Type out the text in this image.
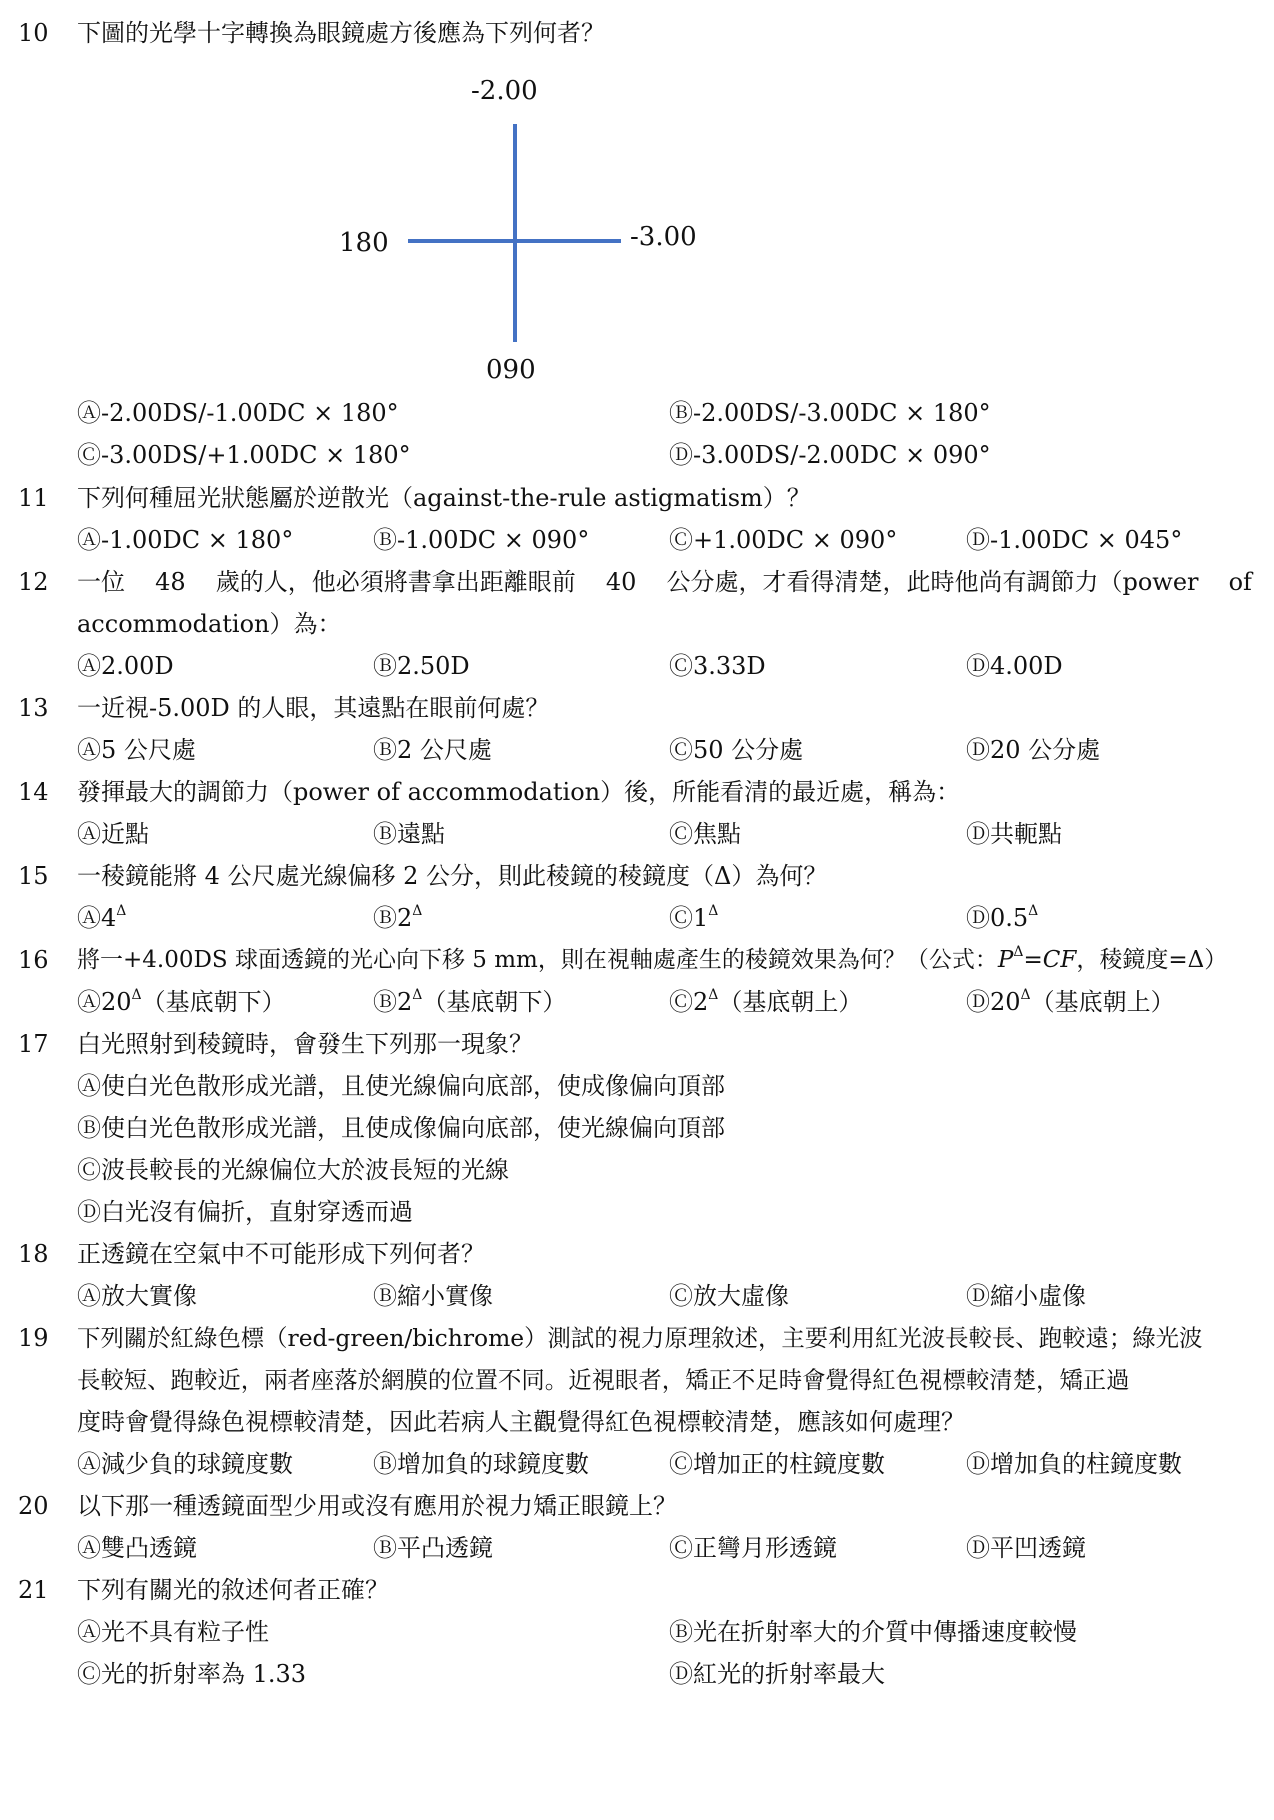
10 下圖的光學十字轉換為眼鏡處方後應為下列何者？
-2.00
180	-3.00
090
Ⓐ-2.00DS/-1.00DC × 180°	Ⓑ-2.00DS/-3.00DC × 180°
Ⓒ-3.00DS/+1.00DC × 180°	Ⓓ-3.00DS/-2.00DC × 090°
11 下列何種屈光狀態屬於逆散光（against-the-rule astigmatism）？
Ⓐ-1.00DC × 180°	Ⓑ-1.00DC × 090°	Ⓒ+1.00DC × 090°	Ⓓ-1.00DC × 045°
12 一位 48 歲的人，他必須將書拿出距離眼前 40 公分處，才看得清楚，此時他尚有調節力（power of
accommodation）為：
Ⓐ2.00D	Ⓑ2.50D	Ⓒ3.33D	Ⓓ4.00D
13 一近視-5.00D 的人眼，其遠點在眼前何處？
Ⓐ5 公尺處	Ⓑ2 公尺處	Ⓒ50 公分處	Ⓓ20 公分處
14 發揮最大的調節力（power of accommodation）後，所能看清的最近處，稱為：
Ⓐ近點	Ⓑ遠點	Ⓒ焦點	Ⓓ共軛點
15 一稜鏡能將 4 公尺處光線偏移 2 公分，則此稜鏡的稜鏡度（Δ）為何？
$Ⓐ4^\Delta$	$Ⓑ2^\Delta$	$Ⓒ1^\Delta$	$Ⓓ0.5^\Delta$
16 將一+4.00DS 球面透鏡的光心向下移 5 mm，則在視軸處產生的稜鏡效果為何？（公式：$P^\Delta=CF$，稜鏡度=Δ）
$Ⓐ20^\Delta$（基底朝下）	$Ⓑ2^\Delta$（基底朝下）	$Ⓒ2^\Delta$（基底朝上）	$Ⓓ20^\Delta$（基底朝上）
17 白光照射到稜鏡時，會發生下列那一現象？
Ⓐ使白光色散形成光譜，且使光線偏向底部，使成像偏向頂部
Ⓑ使白光色散形成光譜，且使成像偏向底部，使光線偏向頂部
Ⓒ波長較長的光線偏位大於波長短的光線
Ⓓ白光沒有偏折，直射穿透而過
18 正透鏡在空氣中不可能形成下列何者？
Ⓐ放大實像	Ⓑ縮小實像	Ⓒ放大虛像	Ⓓ縮小虛像
19 下列關於紅綠色標（red-green/bichrome）測試的視力原理敘述，主要利用紅光波長較長、跑較遠；綠光波
長較短、跑較近，兩者座落於網膜的位置不同。近視眼者，矯正不足時會覺得紅色視標較清楚，矯正過
度時會覺得綠色視標較清楚，因此若病人主觀覺得紅色視標較清楚，應該如何處理？
Ⓐ減少負的球鏡度數	Ⓑ增加負的球鏡度數	Ⓒ增加正的柱鏡度數	Ⓓ增加負的柱鏡度數
20 以下那一種透鏡面型少用或沒有應用於視力矯正眼鏡上？
Ⓐ雙凸透鏡	Ⓑ平凸透鏡	Ⓒ正彎月形透鏡	Ⓓ平凹透鏡
21 下列有關光的敘述何者正確？
Ⓐ光不具有粒子性	Ⓑ光在折射率大的介質中傳播速度較慢
Ⓒ光的折射率為 1.33	Ⓓ紅光的折射率最大
